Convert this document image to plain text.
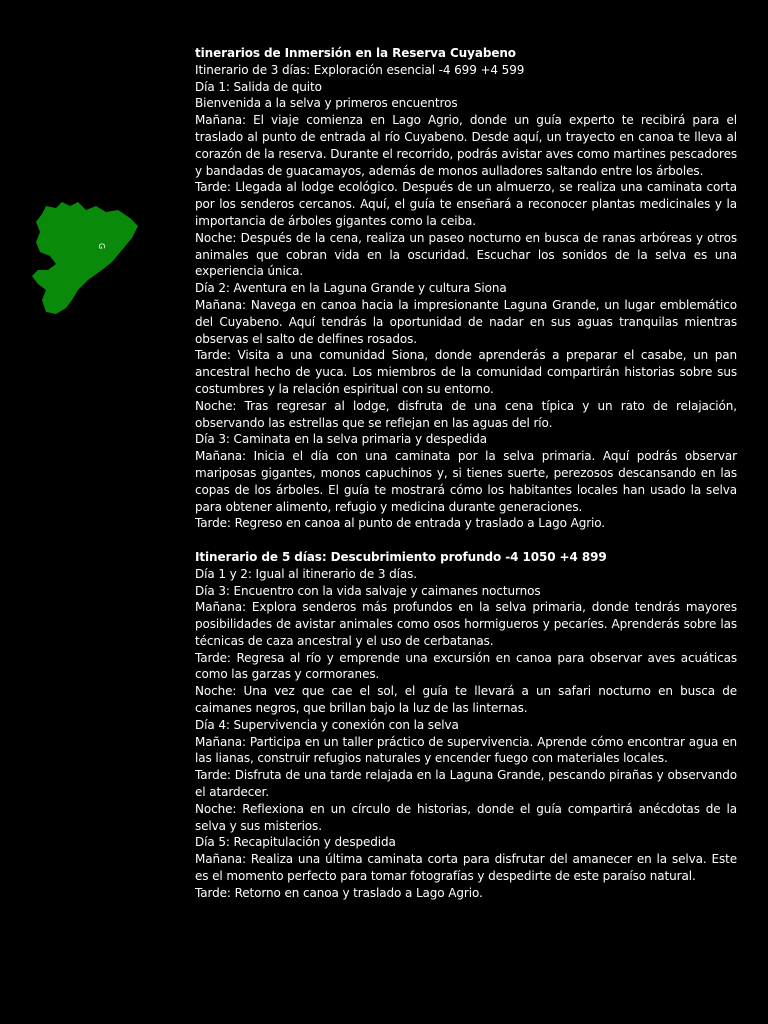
G
tinerarios de Inmersión en la Reserva Cuyabeno
Itinerario de 3 días: Exploración esencial -4 699 +4 599
Día 1: Salida de quito
Bienvenida a la selva y primeros encuentros
Mañana: El viaje comienza en Lago Agrio, donde un guía experto te recibirá para el traslado al punto de entrada al río Cuyabeno. Desde aquí, un trayecto en canoa te lleva al corazón de la reserva. Durante el recorrido, podrás avistar aves como martines pescadores y bandadas de guacamayos, además de monos aulladores saltando entre los árboles.
Tarde: Llegada al lodge ecológico. Después de un almuerzo, se realiza una caminata corta por los senderos cercanos. Aquí, el guía te enseñará a reconocer plantas medicinales y la importancia de árboles gigantes como la ceiba.
Noche: Después de la cena, realiza un paseo nocturno en busca de ranas arbóreas y otros animales que cobran vida en la oscuridad. Escuchar los sonidos de la selva es una experiencia única.
Día 2: Aventura en la Laguna Grande y cultura Siona
Mañana: Navega en canoa hacia la impresionante Laguna Grande, un lugar emblemático del Cuyabeno. Aquí tendrás la oportunidad de nadar en sus aguas tranquilas mientras observas el salto de delfines rosados.
Tarde: Visita a una comunidad Siona, donde aprenderás a preparar el casabe, un pan ancestral hecho de yuca. Los miembros de la comunidad compartirán historias sobre sus costumbres y la relación espiritual con su entorno.
Noche: Tras regresar al lodge, disfruta de una cena típica y un rato de relajación, observando las estrellas que se reflejan en las aguas del río.
Día 3: Caminata en la selva primaria y despedida
Mañana: Inicia el día con una caminata por la selva primaria. Aquí podrás observar mariposas gigantes, monos capuchinos y, si tienes suerte, perezosos descansando en las copas de los árboles. El guía te mostrará cómo los habitantes locales han usado la selva para obtener alimento, refugio y medicina durante generaciones.
Tarde: Regreso en canoa al punto de entrada y traslado a Lago Agrio.
Itinerario de 5 días: Descubrimiento profundo -4 1050 +4 899
Día 1 y 2: Igual al itinerario de 3 días.
Día 3: Encuentro con la vida salvaje y caimanes nocturnos
Mañana: Explora senderos más profundos en la selva primaria, donde tendrás mayores posibilidades de avistar animales como osos hormigueros y pecaríes. Aprenderás sobre las técnicas de caza ancestral y el uso de cerbatanas.
Tarde: Regresa al río y emprende una excursión en canoa para observar aves acuáticas como las garzas y cormoranes.
Noche: Una vez que cae el sol, el guía te llevará a un safari nocturno en busca de caimanes negros, que brillan bajo la luz de las linternas.
Día 4: Supervivencia y conexión con la selva
Mañana: Participa en un taller práctico de supervivencia. Aprende cómo encontrar agua en las lianas, construir refugios naturales y encender fuego con materiales locales.
Tarde: Disfruta de una tarde relajada en la Laguna Grande, pescando pirañas y observando el atardecer.
Noche: Reflexiona en un círculo de historias, donde el guía compartirá anécdotas de la selva y sus misterios.
Día 5: Recapitulación y despedida
Mañana: Realiza una última caminata corta para disfrutar del amanecer en la selva. Este es el momento perfecto para tomar fotografías y despedirte de este paraíso natural.
Tarde: Retorno en canoa y traslado a Lago Agrio.
